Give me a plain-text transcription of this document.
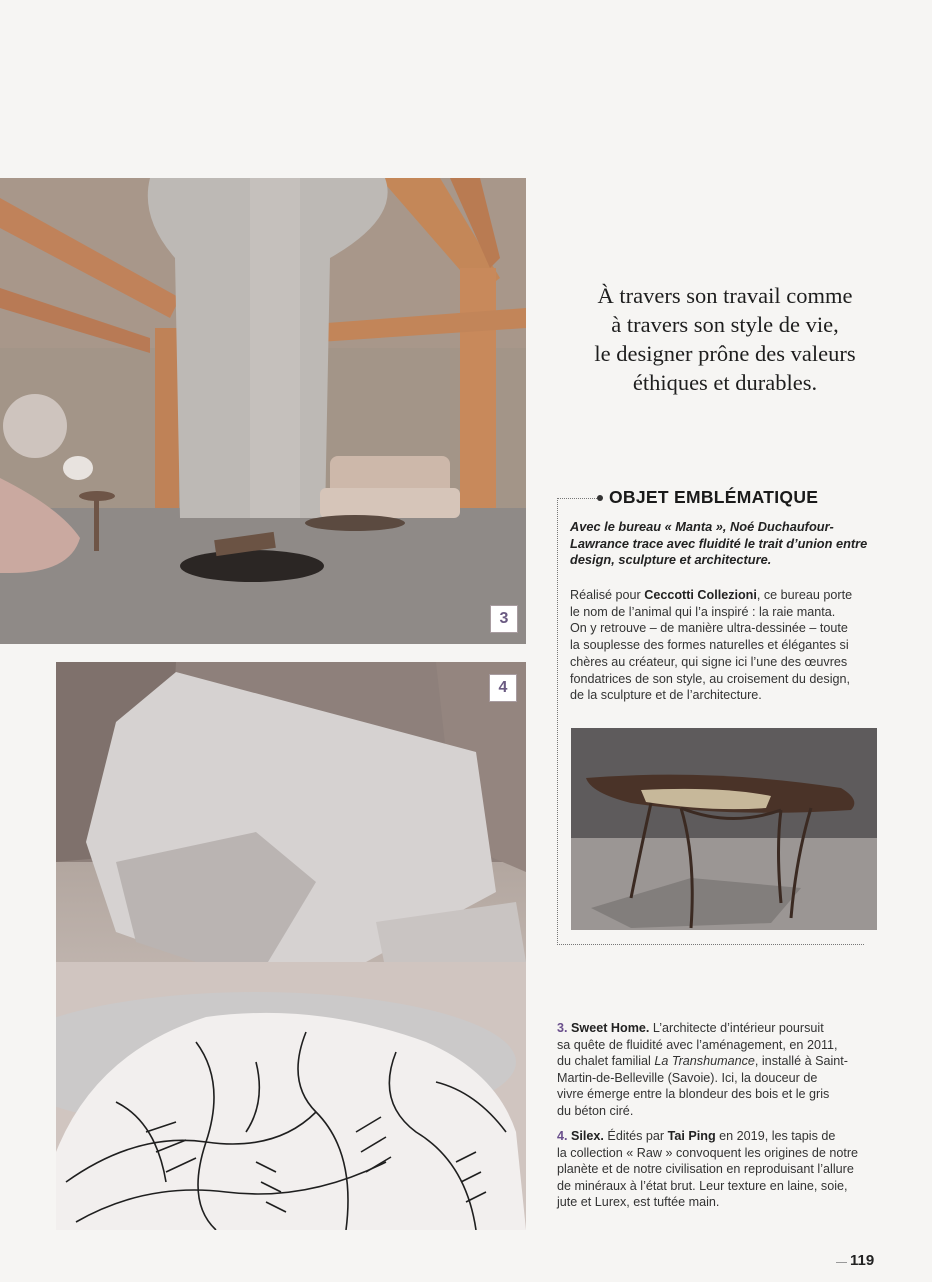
3
4
À travers son travail comme
à travers son style de vie,
le designer prône des valeurs
éthiques et durables.
OBJET EMBLÉMATIQUE
Avec le bureau « Manta », Noé Duchaufour-
Lawrance trace avec fluidité le trait d’union entre
design, sculpture et architecture.
Réalisé pour Ceccotti Collezioni, ce bureau porte
le nom de l’animal qui l’a inspiré : la raie manta.
On y retrouve – de manière ultra-dessinée – toute
la souplesse des formes naturelles et élégantes si
chères au créateur, qui signe ici l’une des œuvres
fondatrices de son style, au croisement du design,
de la sculpture et de l’architecture.
3. Sweet Home. L’architecte d’intérieur poursuit
sa quête de fluidité avec l’aménagement, en 2011,
du chalet familial La Transhumance, installé à Saint-
Martin-de-Belleville (Savoie). Ici, la douceur de
vivre émerge entre la blondeur des bois et le gris
du béton ciré.
4. Silex. Édités par Tai Ping en 2019, les tapis de
la collection « Raw » convoquent les origines de notre
planète et de notre civilisation en reproduisant l’allure
de minéraux à l’état brut. Leur texture en laine, soie,
jute et Lurex, est tuftée main.
119
